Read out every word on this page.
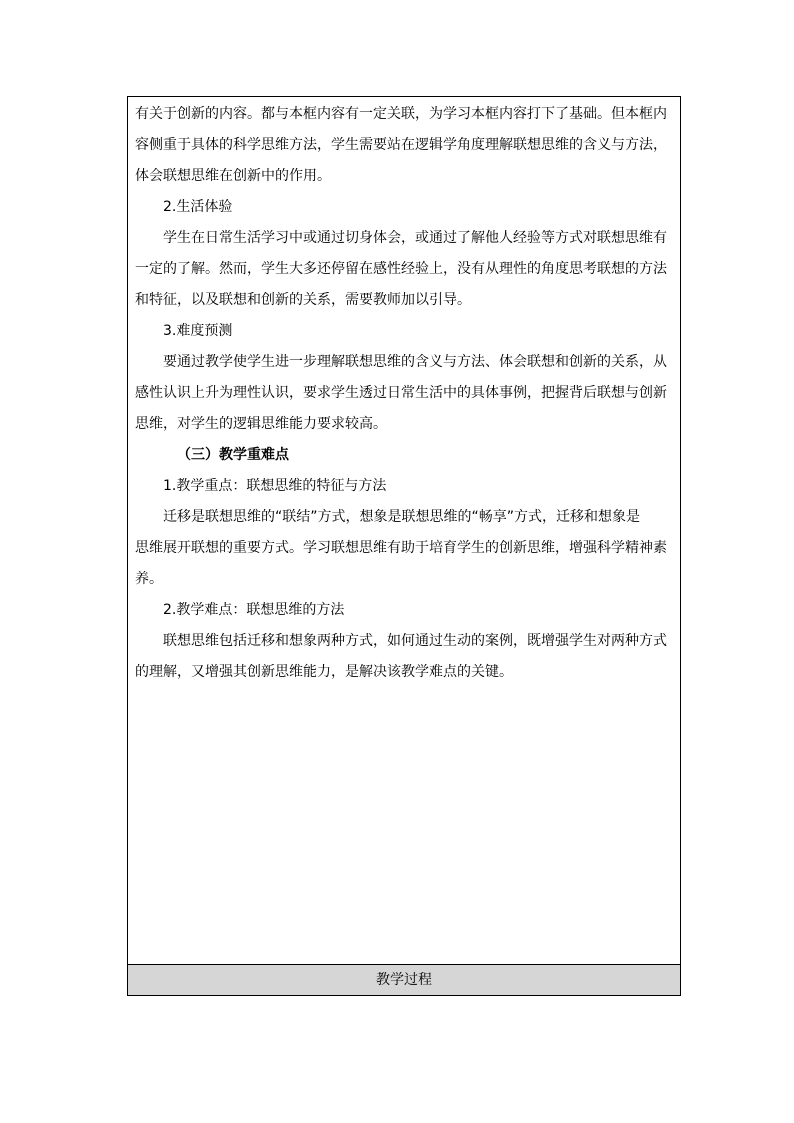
有关于创新的内容。都与本框内容有一定关联，为学习本框内容打下了基础。但本框内
容侧重于具体的科学思维方法，学生需要站在逻辑学角度理解联想思维的含义与方法，
体会联想思维在创新中的作用。
2.生活体验
学生在日常生活学习中或通过切身体会，或通过了解他人经验等方式对联想思维有
一定的了解。然而，学生大多还停留在感性经验上，没有从理性的角度思考联想的方法
和特征，以及联想和创新的关系，需要教师加以引导。
3.难度预测
要通过教学使学生进一步理解联想思维的含义与方法、体会联想和创新的关系，从
感性认识上升为理性认识，要求学生透过日常生活中的具体事例，把握背后联想与创新
思维，对学生的逻辑思维能力要求较高。
（三）教学重难点
1.教学重点：联想思维的特征与方法
迁移是联想思维的“联结”方式，想象是联想思维的“畅享”方式，迁移和想象是
思维展开联想的重要方式。学习联想思维有助于培育学生的创新思维，增强科学精神素
养。
2.教学难点：联想思维的方法
联想思维包括迁移和想象两种方式，如何通过生动的案例，既增强学生对两种方式
的理解，又增强其创新思维能力，是解决该教学难点的关键。
教学过程
